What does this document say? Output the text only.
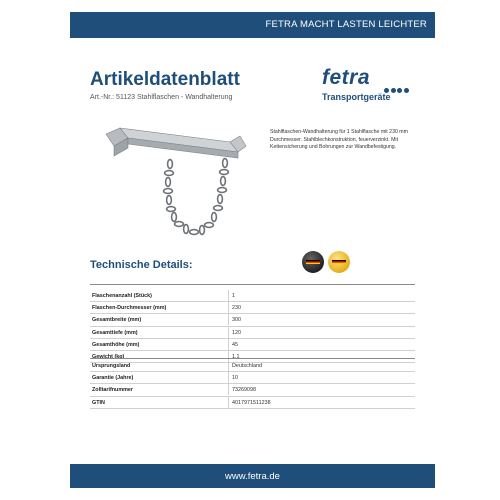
FETRA MACHT LASTEN LEICHTER
Artikeldatenblatt
Art.-Nr.: 51123 Stahlflaschen - Wandhalterung
fetra
Transportgeräte
Stahlflaschen-Wandhalterung für 1 Stahlflasche mit 230 mm Durchmesser. Stahlblechkonstruktion, feuerverzinkt. Mit Kettensicherung und Bohrungen zur Wandbefestigung.
Technische Details:
Flaschenanzahl (Stück)	1
Flaschen-Durchmesser (mm)	230
Gesamtbreite (mm)	300
Gesamttiefe (mm)	120
Gesamthöhe (mm)	45
Gewicht (kg)	1,1
Ursprungsland	Deutschland
Garantie (Jahre)	10
Zolltarifnummer	73269098
GTIN	4017971511238
www.fetra.de
